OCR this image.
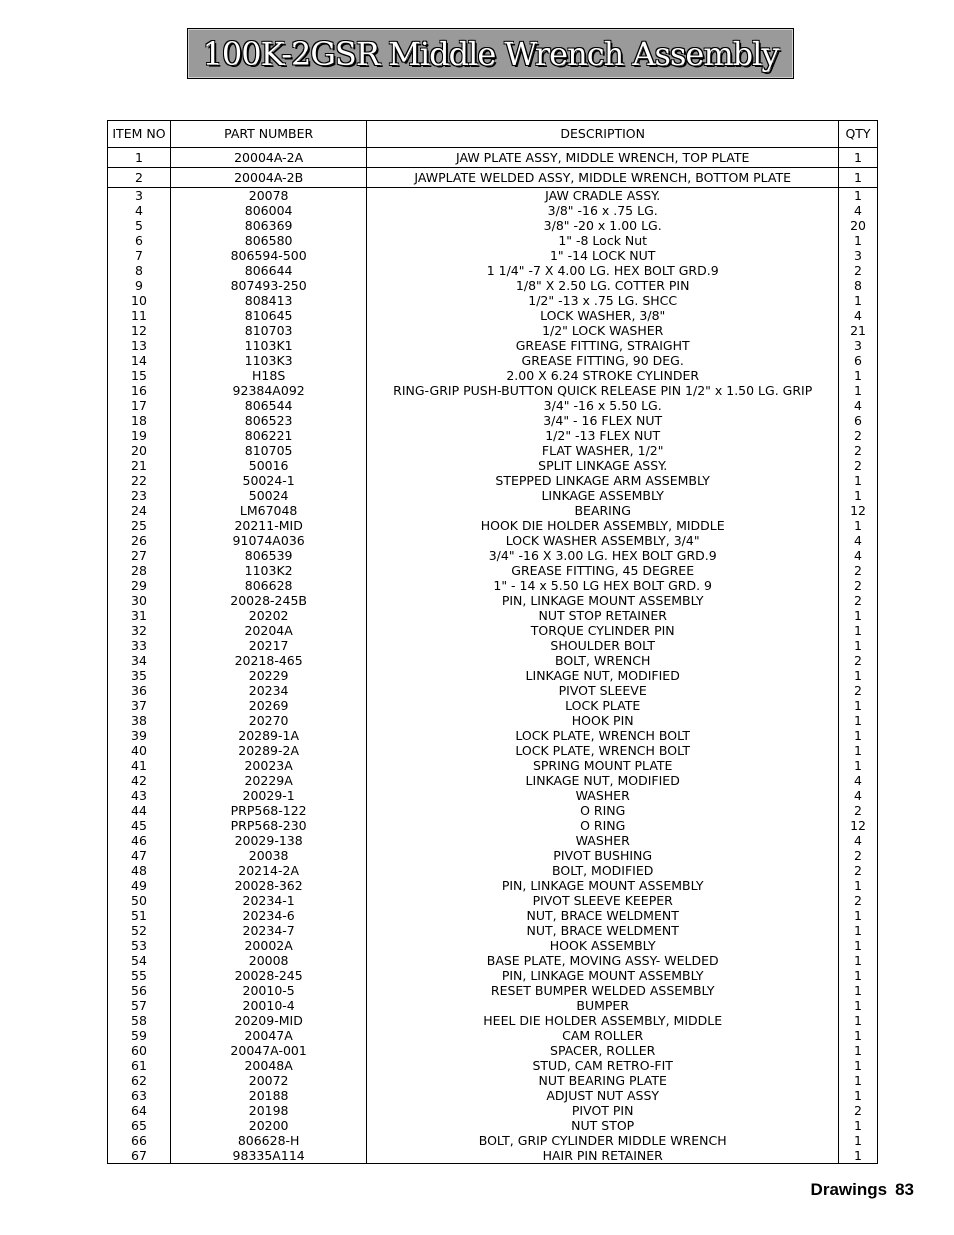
100K-2GSR Middle Wrench Assembly
ITEM NO	PART NUMBER	DESCRIPTION	QTY
1	20004A-2A	JAW PLATE ASSY, MIDDLE WRENCH, TOP PLATE	1
2	20004A-2B	JAWPLATE WELDED ASSY, MIDDLE WRENCH, BOTTOM PLATE	1
3	20078	JAW CRADLE ASSY.	1
4	806004	3/8" -16 x .75 LG.	4
5	806369	3/8" -20 x 1.00 LG.	20
6	806580	1" -8 Lock Nut	1
7	806594-500	1" -14 LOCK NUT	3
8	806644	1 1/4" -7 X 4.00 LG. HEX BOLT GRD.9	2
9	807493-250	1/8" X 2.50 LG. COTTER PIN	8
10	808413	1/2" -13 x .75 LG. SHCC	1
11	810645	LOCK WASHER, 3/8"	4
12	810703	1/2" LOCK WASHER	21
13	1103K1	GREASE FITTING, STRAIGHT	3
14	1103K3	GREASE FITTING, 90 DEG.	6
15	H18S	2.00 X 6.24 STROKE CYLINDER	1
16	92384A092	RING-GRIP PUSH-BUTTON QUICK RELEASE PIN 1/2" x 1.50 LG. GRIP	1
17	806544	3/4" -16 x 5.50 LG.	4
18	806523	3/4" - 16 FLEX NUT	6
19	806221	1/2" -13 FLEX NUT	2
20	810705	FLAT WASHER, 1/2"	2
21	50016	SPLIT LINKAGE ASSY.	2
22	50024-1	STEPPED LINKAGE ARM ASSEMBLY	1
23	50024	LINKAGE ASSEMBLY	1
24	LM67048	BEARING	12
25	20211-MID	HOOK DIE HOLDER ASSEMBLY, MIDDLE	1
26	91074A036	LOCK WASHER ASSEMBLY, 3/4"	4
27	806539	3/4" -16 X 3.00 LG. HEX BOLT GRD.9	4
28	1103K2	GREASE FITTING, 45 DEGREE	2
29	806628	1" - 14 x 5.50 LG HEX BOLT GRD. 9	2
30	20028-245B	PIN, LINKAGE MOUNT ASSEMBLY	2
31	20202	NUT STOP RETAINER	1
32	20204A	TORQUE CYLINDER PIN	1
33	20217	SHOULDER BOLT	1
34	20218-465	BOLT, WRENCH	2
35	20229	LINKAGE NUT, MODIFIED	1
36	20234	PIVOT SLEEVE	2
37	20269	LOCK PLATE	1
38	20270	HOOK PIN	1
39	20289-1A	LOCK PLATE, WRENCH BOLT	1
40	20289-2A	LOCK PLATE, WRENCH BOLT	1
41	20023A	SPRING MOUNT PLATE	1
42	20229A	LINKAGE NUT, MODIFIED	4
43	20029-1	WASHER	4
44	PRP568-122	O RING	2
45	PRP568-230	O RING	12
46	20029-138	WASHER	4
47	20038	PIVOT BUSHING	2
48	20214-2A	BOLT, MODIFIED	2
49	20028-362	PIN, LINKAGE MOUNT ASSEMBLY	1
50	20234-1	PIVOT SLEEVE KEEPER	2
51	20234-6	NUT, BRACE WELDMENT	1
52	20234-7	NUT, BRACE WELDMENT	1
53	20002A	HOOK ASSEMBLY	1
54	20008	BASE PLATE, MOVING ASSY- WELDED	1
55	20028-245	PIN, LINKAGE MOUNT ASSEMBLY	1
56	20010-5	RESET BUMPER WELDED ASSEMBLY	1
57	20010-4	BUMPER	1
58	20209-MID	HEEL DIE HOLDER ASSEMBLY, MIDDLE	1
59	20047A	CAM ROLLER	1
60	20047A-001	SPACER, ROLLER	1
61	20048A	STUD, CAM RETRO-FIT	1
62	20072	NUT BEARING PLATE	1
63	20188	ADJUST NUT ASSY	1
64	20198	PIVOT PIN	2
65	20200	NUT STOP	1
66	806628-H	BOLT, GRIP CYLINDER MIDDLE WRENCH	1
67	98335A114	HAIR PIN RETAINER	1
Drawings 83
